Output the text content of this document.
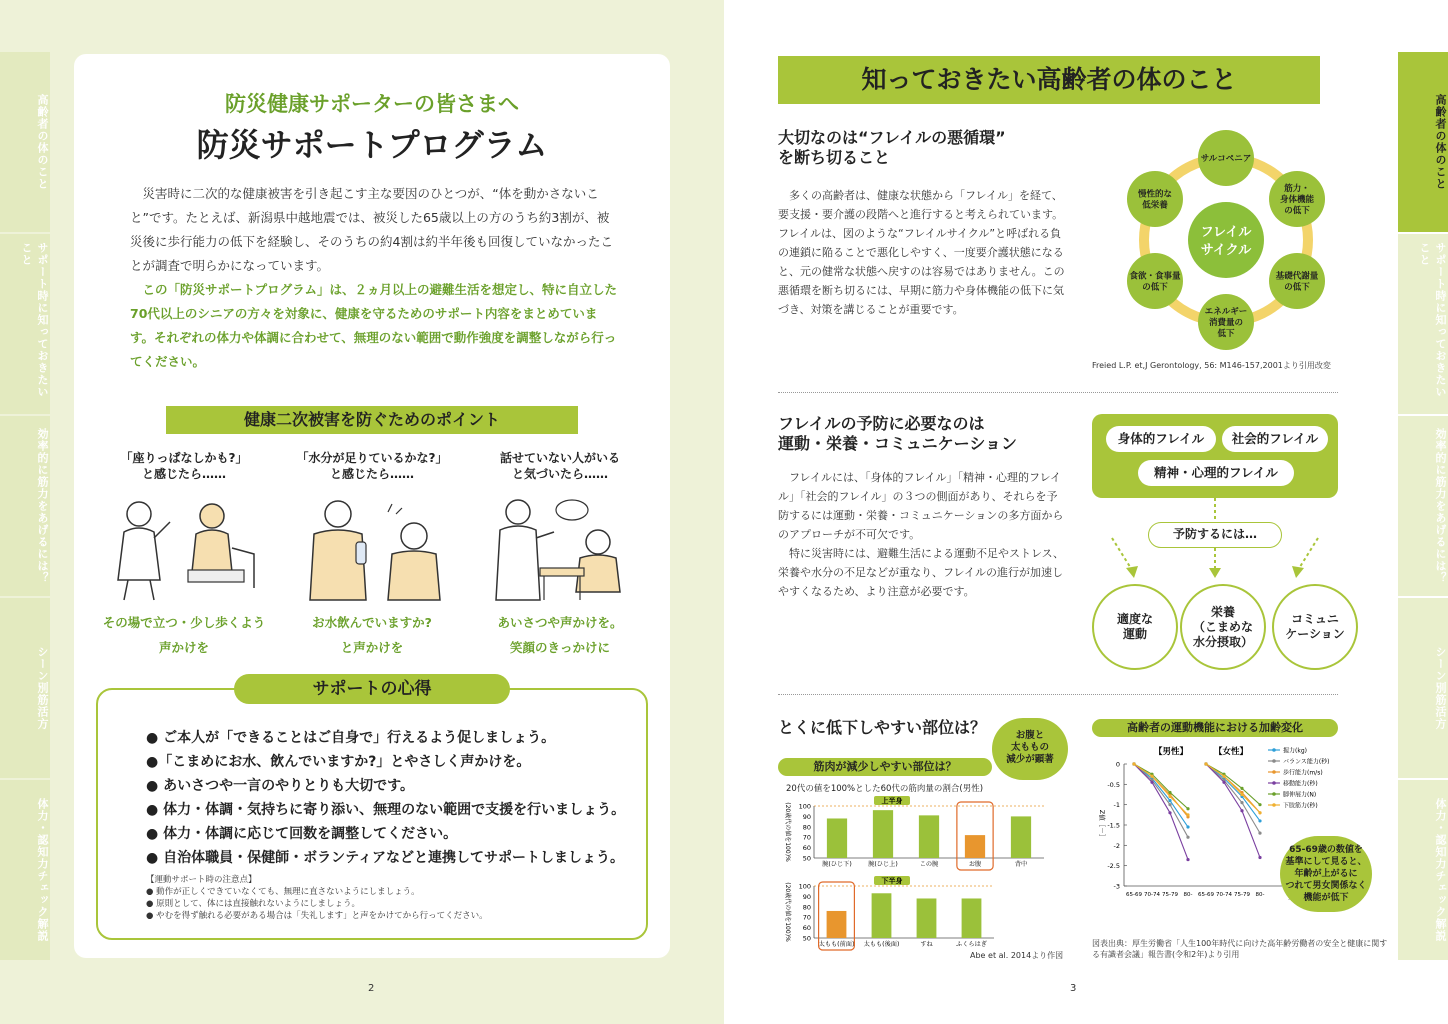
高齢者の体のこと
サポート時に知っておきたいこと
効率的に筋力をあげるには？
シーン別筋活方
体力・認知力チェック解説
防災健康サポーターの皆さまへ
防災サポートプログラム

災害時に二次的な健康被害を引き起こす主な要因のひとつが、“体を動かさないこと”です。たとえば、新潟県中越地震では、被災した65歳以上の方のうち約3割が、被災後に歩行能力の低下を経験し、そのうちの約4割は約半年後も回復していなかったことが調査で明らかになっています。

この「防災サポートプログラム」は、２ヵ月以上の避難生活を想定し、特に自立した70代以上のシニアの方々を対象に、健康を守るためのサポート内容をまとめています。それぞれの体力や体調に合わせて、無理のない範囲で動作強度を調整しながら行ってください。

健康二次被害を防ぐためのポイント
「座りっぱなしかも?」
と感じたら……
その場で立つ・少し歩くよう
声かけを
「水分が足りているかな?」
と感じたら……
お水飲んでいますか?
と声かけを
話せていない人がいる
と気づいたら……
あいさつや声かけを。
笑顔のきっかけに
サポートの心得
● ご本人が「できることはご自身で」行えるよう促しましょう。
●「こまめにお水、飲んでいますか?」とやさしく声かけを。
● あいさつや一言のやりとりも大切です。
● 体力・体調・気持ちに寄り添い、無理のない範囲で支援を行いましょう。
● 体力・体調に応じて回数を調整してください。
● 自治体職員・保健師・ボランティアなどと連携してサポートしましょう。
【運動サポート時の注意点】
● 動作が正しくできていなくても、無理に直さないようにしましょう。
● 原則として、体には直接触れないようにしましょう。
● やむを得ず触れる必要がある場合は「失礼します」と声をかけてから行ってください。
2
高齢者の体のこと
サポート時に知っておきたいこと
効率的に筋力をあげるには？
シーン別筋活方
体力・認知力チェック解説
知っておきたい高齢者の体のこと
大切なのは“フレイルの悪循環”
を断ち切ること

多くの高齢者は、健康な状態から「フレイル」を経て、要支援・要介護の段階へと進行すると考えられています。フレイルは、図のような“フレイルサイクル”と呼ばれる負の連鎖に陥ることで悪化しやすく、一度要介護状態になると、元の健常な状態へ戻すのは容易ではありません。この悪循環を断ち切るには、早期に筋力や身体機能の低下に気づき、対策を講じることが重要です。

フレイル
サイクル
サルコペニア
筋力・
身体機能
の低下
基礎代謝量
の低下
エネルギー
消費量の
低下
食欲・食事量
の低下
慢性的な
低栄養
Freied L.P. et,J Gerontology, 56: M146-157,2001より引用改変
フレイルの予防に必要なのは
運動・栄養・コミュニケーション

フレイルには、「身体的フレイル」「精神・心理的フレイル」「社会的フレイル」の３つの側面があり、それらを予防するには運動・栄養・コミュニケーションの多方面からのアプローチが不可欠です。

特に災害時には、避難生活による運動不足やストレス、栄養や水分の不足などが重なり、フレイルの進行が加速しやすくなるため、より注意が必要です。

身体的フレイル	社会的フレイル
精神・心理的フレイル
予防するには…
適度な
運動
栄養
（こまめな
水分摂取）
コミュニ
ケーション
とくに低下しやすい部位は？	お腹と
太ももの
減少が顕著
筋肉が減少しやすい部位は？
20代の値を100%とした60代の筋肉量の割合(男性)
上半身
50
60
70
80
90
100
(20歳代の値を100)%
腕(ひじ下)	腕(ひじ上)	この腕	お腹	背中
下半身
50
60
70
80
90
100
(20歳代の値を100)%
太もも(前面) 太もも(後面)	すね	ふくらはぎ
Abe et al. 2014より作図
高齢者の運動機能における加齢変化
【男性】	【女性】
0
-0.5
-1
-1.5
-2
-2.5
-3
Z値［－］
65-69 70-74 75-79 80- 65-69 70-74 75-79 80-
握力(kg)
バランス能力(秒)
歩行能力(m/s)
移動能力(秒)
脚伸展力(N)
下肢筋力(秒)
65-69歳の数値を
基準にして見ると、
年齢が上がるに
つれて男女関係なく
機能が低下
図表出典：厚生労働省「人生100年時代に向けた高年齢労働者の安全と健康に関す
る有識者会議」報告書(令和2年)より引用
3
